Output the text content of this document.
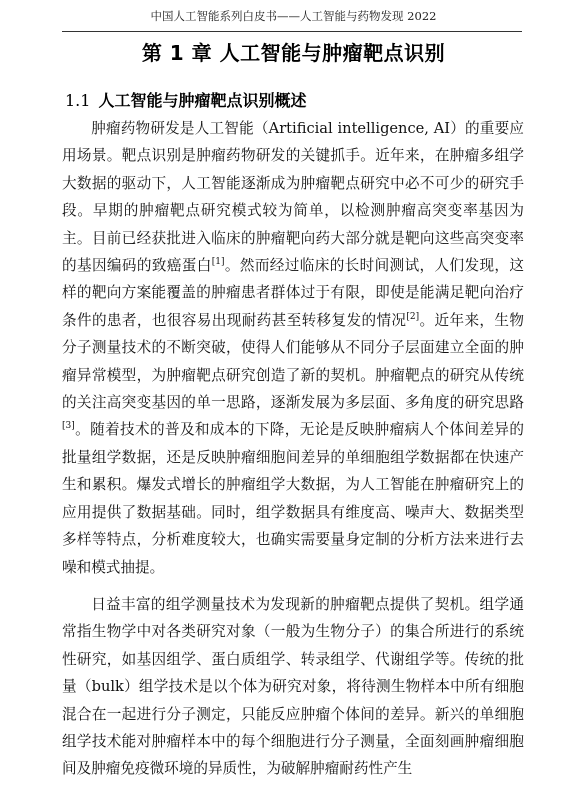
中国人工智能系列白皮书——人工智能与药物发现 2022
第 1 章 人工智能与肿瘤靶点识别
1.1 人工智能与肿瘤靶点识别概述

肿瘤药物研发是人工智能（Artificial intelligence, AI）的重要应用场景。靶点识别是肿瘤药物研发的关键抓手。近年来，在肿瘤多组学大数据的驱动下，人工智能逐渐成为肿瘤靶点研究中必不可少的研究手段。早期的肿瘤靶点研究模式较为简单，以检测肿瘤高突变率基因为主。目前已经获批进入临床的肿瘤靶向药大部分就是靶向这些高突变率的基因编码的致癌蛋白[1]。然而经过临床的长时间测试，人们发现，这样的靶向方案能覆盖的肿瘤患者群体过于有限，即使是能满足靶向治疗条件的患者，也很容易出现耐药甚至转移复发的情况[2]。近年来，生物分子测量技术的不断突破，使得人们能够从不同分子层面建立全面的肿瘤异常模型，为肿瘤靶点研究创造了新的契机。肿瘤靶点的研究从传统的关注高突变基因的单一思路，逐渐发展为多层面、多角度的研究思路[3]。随着技术的普及和成本的下降，无论是反映肿瘤病人个体间差异的批量组学数据，还是反映肿瘤细胞间差异的单细胞组学数据都在快速产生和累积。爆发式增长的肿瘤组学大数据，为人工智能在肿瘤研究上的应用提供了数据基础。同时，组学数据具有维度高、噪声大、数据类型多样等特点，分析难度较大，也确实需要量身定制的分析方法来进行去噪和模式抽提。

日益丰富的组学测量技术为发现新的肿瘤靶点提供了契机。组学通常指生物学中对各类研究对象（一般为生物分子）的集合所进行的系统性研究，如基因组学、蛋白质组学、转录组学、代谢组学等。传统的批量（bulk）组学技术是以个体为研究对象，将待测生物样本中所有细胞混合在一起进行分子测定，只能反应肿瘤个体间的差异。新兴的单细胞组学技术能对肿瘤样本中的每个细胞进行分子测量，全面刻画肿瘤细胞间及肿瘤免疫微环境的异质性，为破解肿瘤耐药性产生
